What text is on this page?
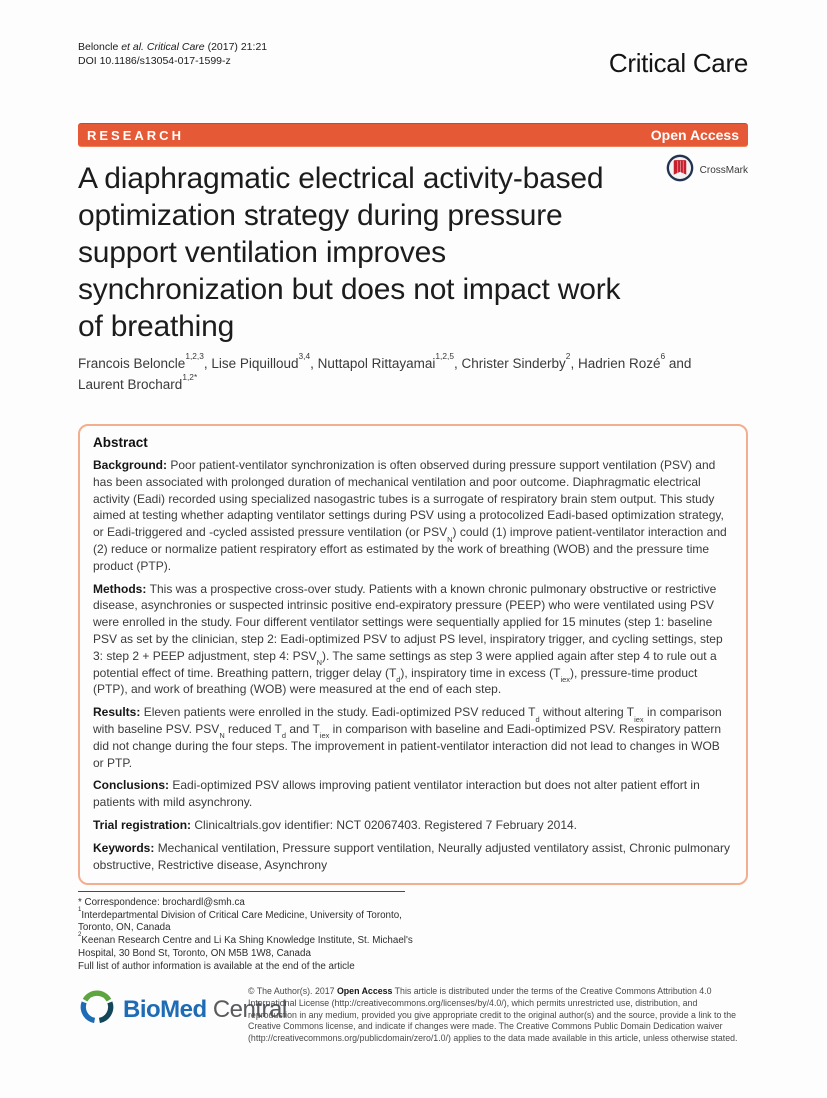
Beloncle et al. Critical Care (2017) 21:21
DOI 10.1186/s13054-017-1599-z	Critical Care
RESEARCH	Open Access
CrossMark
A diaphragmatic electrical activity-based
optimization strategy during pressure
support ventilation improves
synchronization but does not impact work
of breathing
Francois Beloncle$^{1,2,3}$, Lise Piquilloud$^{3,4}$, Nuttapol Rittayamai$^{1,2,5}$, Christer Sinderby$^2$, Hadrien Rozé$^6$ and Laurent Brochard$^{1,2*}$
Abstract

Background: Poor patient-ventilator synchronization is often observed during pressure support ventilation (PSV) and has been associated with prolonged duration of mechanical ventilation and poor outcome. Diaphragmatic electrical activity (Eadi) recorded using specialized nasogastric tubes is a surrogate of respiratory brain stem output. This study aimed at testing whether adapting ventilator settings during PSV using a protocolized Eadi-based optimization strategy, or Eadi-triggered and -cycled assisted pressure ventilation (or $PSV_N$) could (1) improve patient-ventilator interaction and (2) reduce or normalize patient respiratory effort as estimated by the work of breathing (WOB) and the pressure time product (PTP).

Methods: This was a prospective cross-over study. Patients with a known chronic pulmonary obstructive or restrictive disease, asynchronies or suspected intrinsic positive end-expiratory pressure (PEEP) who were ventilated using PSV were enrolled in the study. Four different ventilator settings were sequentially applied for 15 minutes (step 1: baseline PSV as set by the clinician, step 2: Eadi-optimized PSV to adjust PS level, inspiratory trigger, and cycling settings, step 3: step 2 + PEEP adjustment, step 4: $PSV_N$). The same settings as step 3 were applied again after step 4 to rule out a potential effect of time. Breathing pattern, trigger delay $(T_d)$, inspiratory time in excess $(T_{iex})$, pressure-time product (PTP), and work of breathing (WOB) were measured at the end of each step.

Results: Eleven patients were enrolled in the study. Eadi-optimized PSV reduced $T_d$ without altering $T_{iex}$ in comparison with baseline PSV. $PSV_N$ reduced $T_d$ and $T_{iex}$ in comparison with baseline and Eadi-optimized PSV. Respiratory pattern did not change during the four steps. The improvement in patient-ventilator interaction did not lead to changes in WOB or PTP.

Conclusions: Eadi-optimized PSV allows improving patient ventilator interaction but does not alter patient effort in patients with mild asynchrony.

Trial registration: Clinicaltrials.gov identifier: NCT 02067403. Registered 7 February 2014.

Keywords: Mechanical ventilation, Pressure support ventilation, Neurally adjusted ventilatory assist, Chronic pulmonary obstructive, Restrictive disease, Asynchrony

* Correspondence: brochardl@smh.ca
$^1$Interdepartmental Division of Critical Care Medicine, University of Toronto, Toronto, ON, Canada
$^2$Keenan Research Centre and Li Ka Shing Knowledge Institute, St. Michael's Hospital, 30 Bond St, Toronto, ON M5B 1W8, Canada
Full list of author information is available at the end of the article
BioMed Central
© The Author(s). 2017 Open Access This article is distributed under the terms of the Creative Commons Attribution 4.0 International License (http://creativecommons.org/licenses/by/4.0/), which permits unrestricted use, distribution, and reproduction in any medium, provided you give appropriate credit to the original author(s) and the source, provide a link to the Creative Commons license, and indicate if changes were made. The Creative Commons Public Domain Dedication waiver (http://creativecommons.org/publicdomain/zero/1.0/) applies to the data made available in this article, unless otherwise stated.
